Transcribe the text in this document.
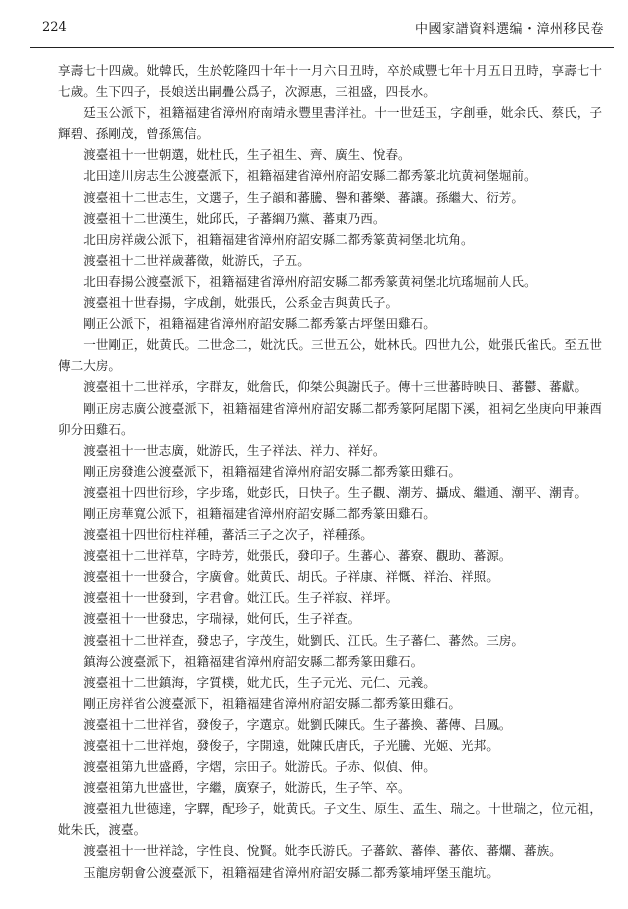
224	中國家譜資料選编・漳州移民卷

享壽七十四歲。妣韓氏，生於乾隆四十年十一月六日丑時，卒於咸豐七年十月五日丑時，享壽七十七歲。生下四子，長娘送出嗣疊公爲子，次源惠，三祖盛，四長水。

廷玉公派下，祖籍福建省漳州府南靖永豐里書洋社。十一世廷玉，字創垂，妣余氏、蔡氏，子輝碧、孫剛茂，曾孫篤信。

渡臺祖十一世朝選，妣杜氏，生子祖生、齊、廣生、悅春。

北田逹川房志生公渡臺派下，祖籍福建省漳州府詔安縣二都秀篆北坑黄祠堡堀前。

渡臺祖十二世志生，文選子，生子韻和蕃騰、譽和蕃樂、蕃讓。孫繼大、衍芳。

渡臺祖十二世漢生，妣邱氏，子蕃綱乃黨、蕃東乃西。

北田房祥歲公派下，祖籍福建省漳州府詔安縣二都秀篆黄祠堡北坑角。

渡臺祖十二世祥歲蕃徵，妣游氏，子五。

北田春揚公渡臺派下，祖籍福建省漳州府詔安縣二都秀篆黄祠堡北坑瑤堀前人氏。

渡臺祖十世春揚，字成創，妣張氏，公系金吉與黄氏子。

剛正公派下，祖籍福建省漳州府詔安縣二都秀篆古坪堡田雞石。

一世剛正，妣黄氏。二世念二，妣沈氏。三世五公，妣林氏。四世九公，妣張氏雀氏。至五世傳二大房。

渡臺祖十二世祥𠄘，字群友，妣詹氏，仰桀公與謝氏子。傳十三世蕃時映日、蕃鬱、蕃獻。

剛正房志廣公渡臺派下，祖籍福建省漳州府詔安縣二都秀篆阿尾閣下溪，祖祠乞坐庚向甲兼酉卯分田雞石。

渡臺祖十一世志廣，妣游氏，生子祥法、祥力、祥好。

剛正房發進公渡臺派下，祖籍福建省漳州府詔安縣二都秀篆田雞石。

渡臺祖十四世衍珍，字步瑤，妣彭氏，日快子。生子觀、潮芳、攝成、繼通、潮平、潮青。

剛正房華寬公派下，祖籍福建省漳州府詔安縣二都秀篆田雞石。

渡臺祖十四世衍柱祥種，蕃活三子之次子，祥種孫。

渡臺祖十二世祥草，字時芳，妣張氏，發印子。生蕃心、蕃寮、觀助、蕃源。

渡臺祖十一世發合，字廣會。妣黄氏、胡氏。子祥康、祥慨、祥治、祥照。

渡臺祖十一世發到，字君會。妣江氏。生子祥寂、祥坪。

渡臺祖十一世發忠，字瑞禄，妣何氏，生子祥查。

渡臺祖十二世祥查，發忠子，字茂生，妣劉氏、江氏。生子蕃仁、蕃然。三房。

鎮海公渡臺派下，祖籍福建省漳州府詔安縣二都秀篆田雞石。

渡臺祖十二世鎮海，字質樸，妣尤氏，生子元光、元仁、元義。

剛正房祥省公渡臺派下，祖籍福建省漳州府詔安縣二都秀篆田雞石。

渡臺祖十二世祥省，發俊子，字選京。妣劉氏陳氏。生子蕃換、蕃傳、吕鳳。

渡臺祖十二世祥炮，發俊子，字開遠，妣陳氏唐氏，子光騰、光姬、光邦。

渡臺祖第九世盛爵，字熠，宗田子。妣游氏。子赤、似偵、伸。

渡臺祖第九世盛世，字繼，廣寮子，妣游氏，生子竿、卒。

渡臺祖九世德達，字驛，配珍子，妣黄氏。子文生、原生、孟生、瑞之。十世瑞之，位元祖，妣朱氏，渡臺。

渡臺祖十一世祥諗，字性良、悅賢。妣李氏游氏。子蕃欽、蕃俸、蕃依、蕃爛、蕃族。

玉龍房朝會公渡臺派下，祖籍福建省漳州府詔安縣二都秀篆埔坪堡玉龍坑。
